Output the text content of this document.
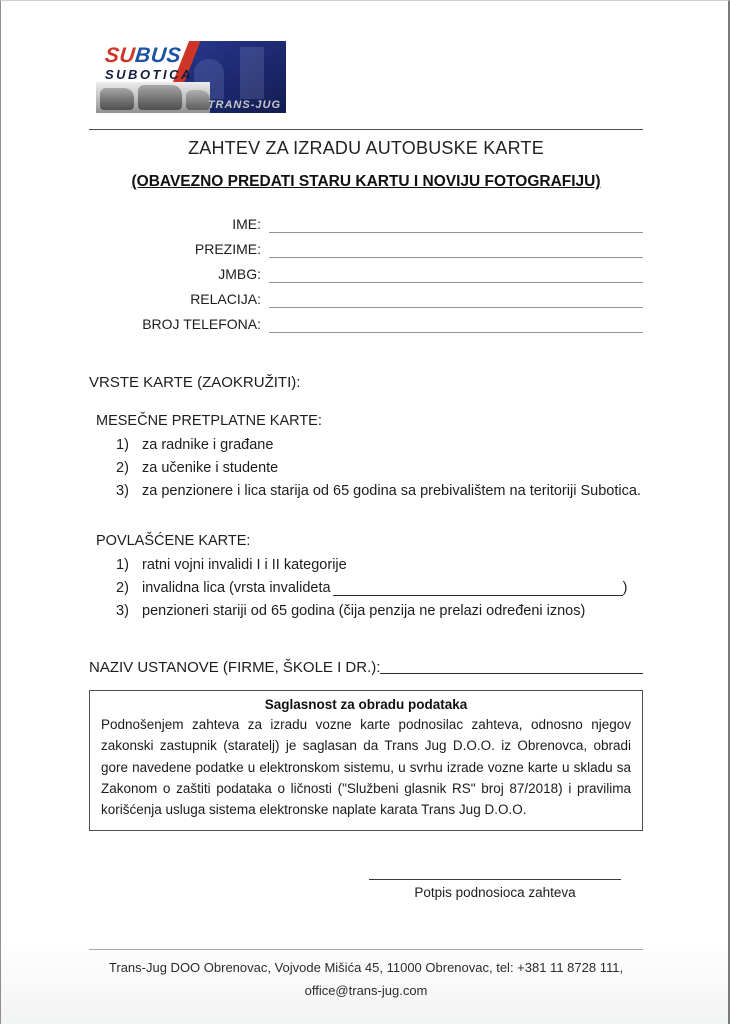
SUBUS
SUBOTICA
TRANS-JUG
ZAHTEV ZA IZRADU AUTOBUSKE KARTE
(OBAVEZNO PREDATI STARU KARTU I NOVIJU FOTOGRAFIJU)
IME:
PREZIME:
JMBG:
RELACIJA:
BROJ TELEFONA:
VRSTE KARTE (ZAOKRUŽITI):
MESEČNE PRETPLATNE KARTE:
1) za radnike i građane
2) za učenike i studente
3) za penzionere i lica starija od 65 godina sa prebivalištem na teritoriji Subotica.
POVLAŠĆENE KARTE:
1) ratni vojni invalidi I i II kategorije
2) invalidna lica (vrsta invalideta	)
3) penzioneri stariji od 65 godina (čija penzija ne prelazi određeni iznos)
NAZIV USTANOVE (FIRME, ŠKOLE I DR.):
Saglasnost za obradu podataka
Podnošenjem zahteva za izradu vozne karte podnosilac zahteva, odnosno njegov zakonski zastupnik (staratelj) je saglasan da Trans Jug D.O.O. iz Obrenovca, obradi gore navedene podatke u elektronskom sistemu, u svrhu izrade vozne karte u skladu sa Zakonom o zaštiti podataka o ličnosti ("Službeni glasnik RS" broj 87/2018) i pravilima korišćenja usluga sistema elektronske naplate karata Trans Jug D.O.O.
Potpis podnosioca zahteva
Trans-Jug DOO Obrenovac, Vojvode Mišića 45, 11000 Obrenovac, tel: +381 11 8728 111,
office@trans-jug.com
